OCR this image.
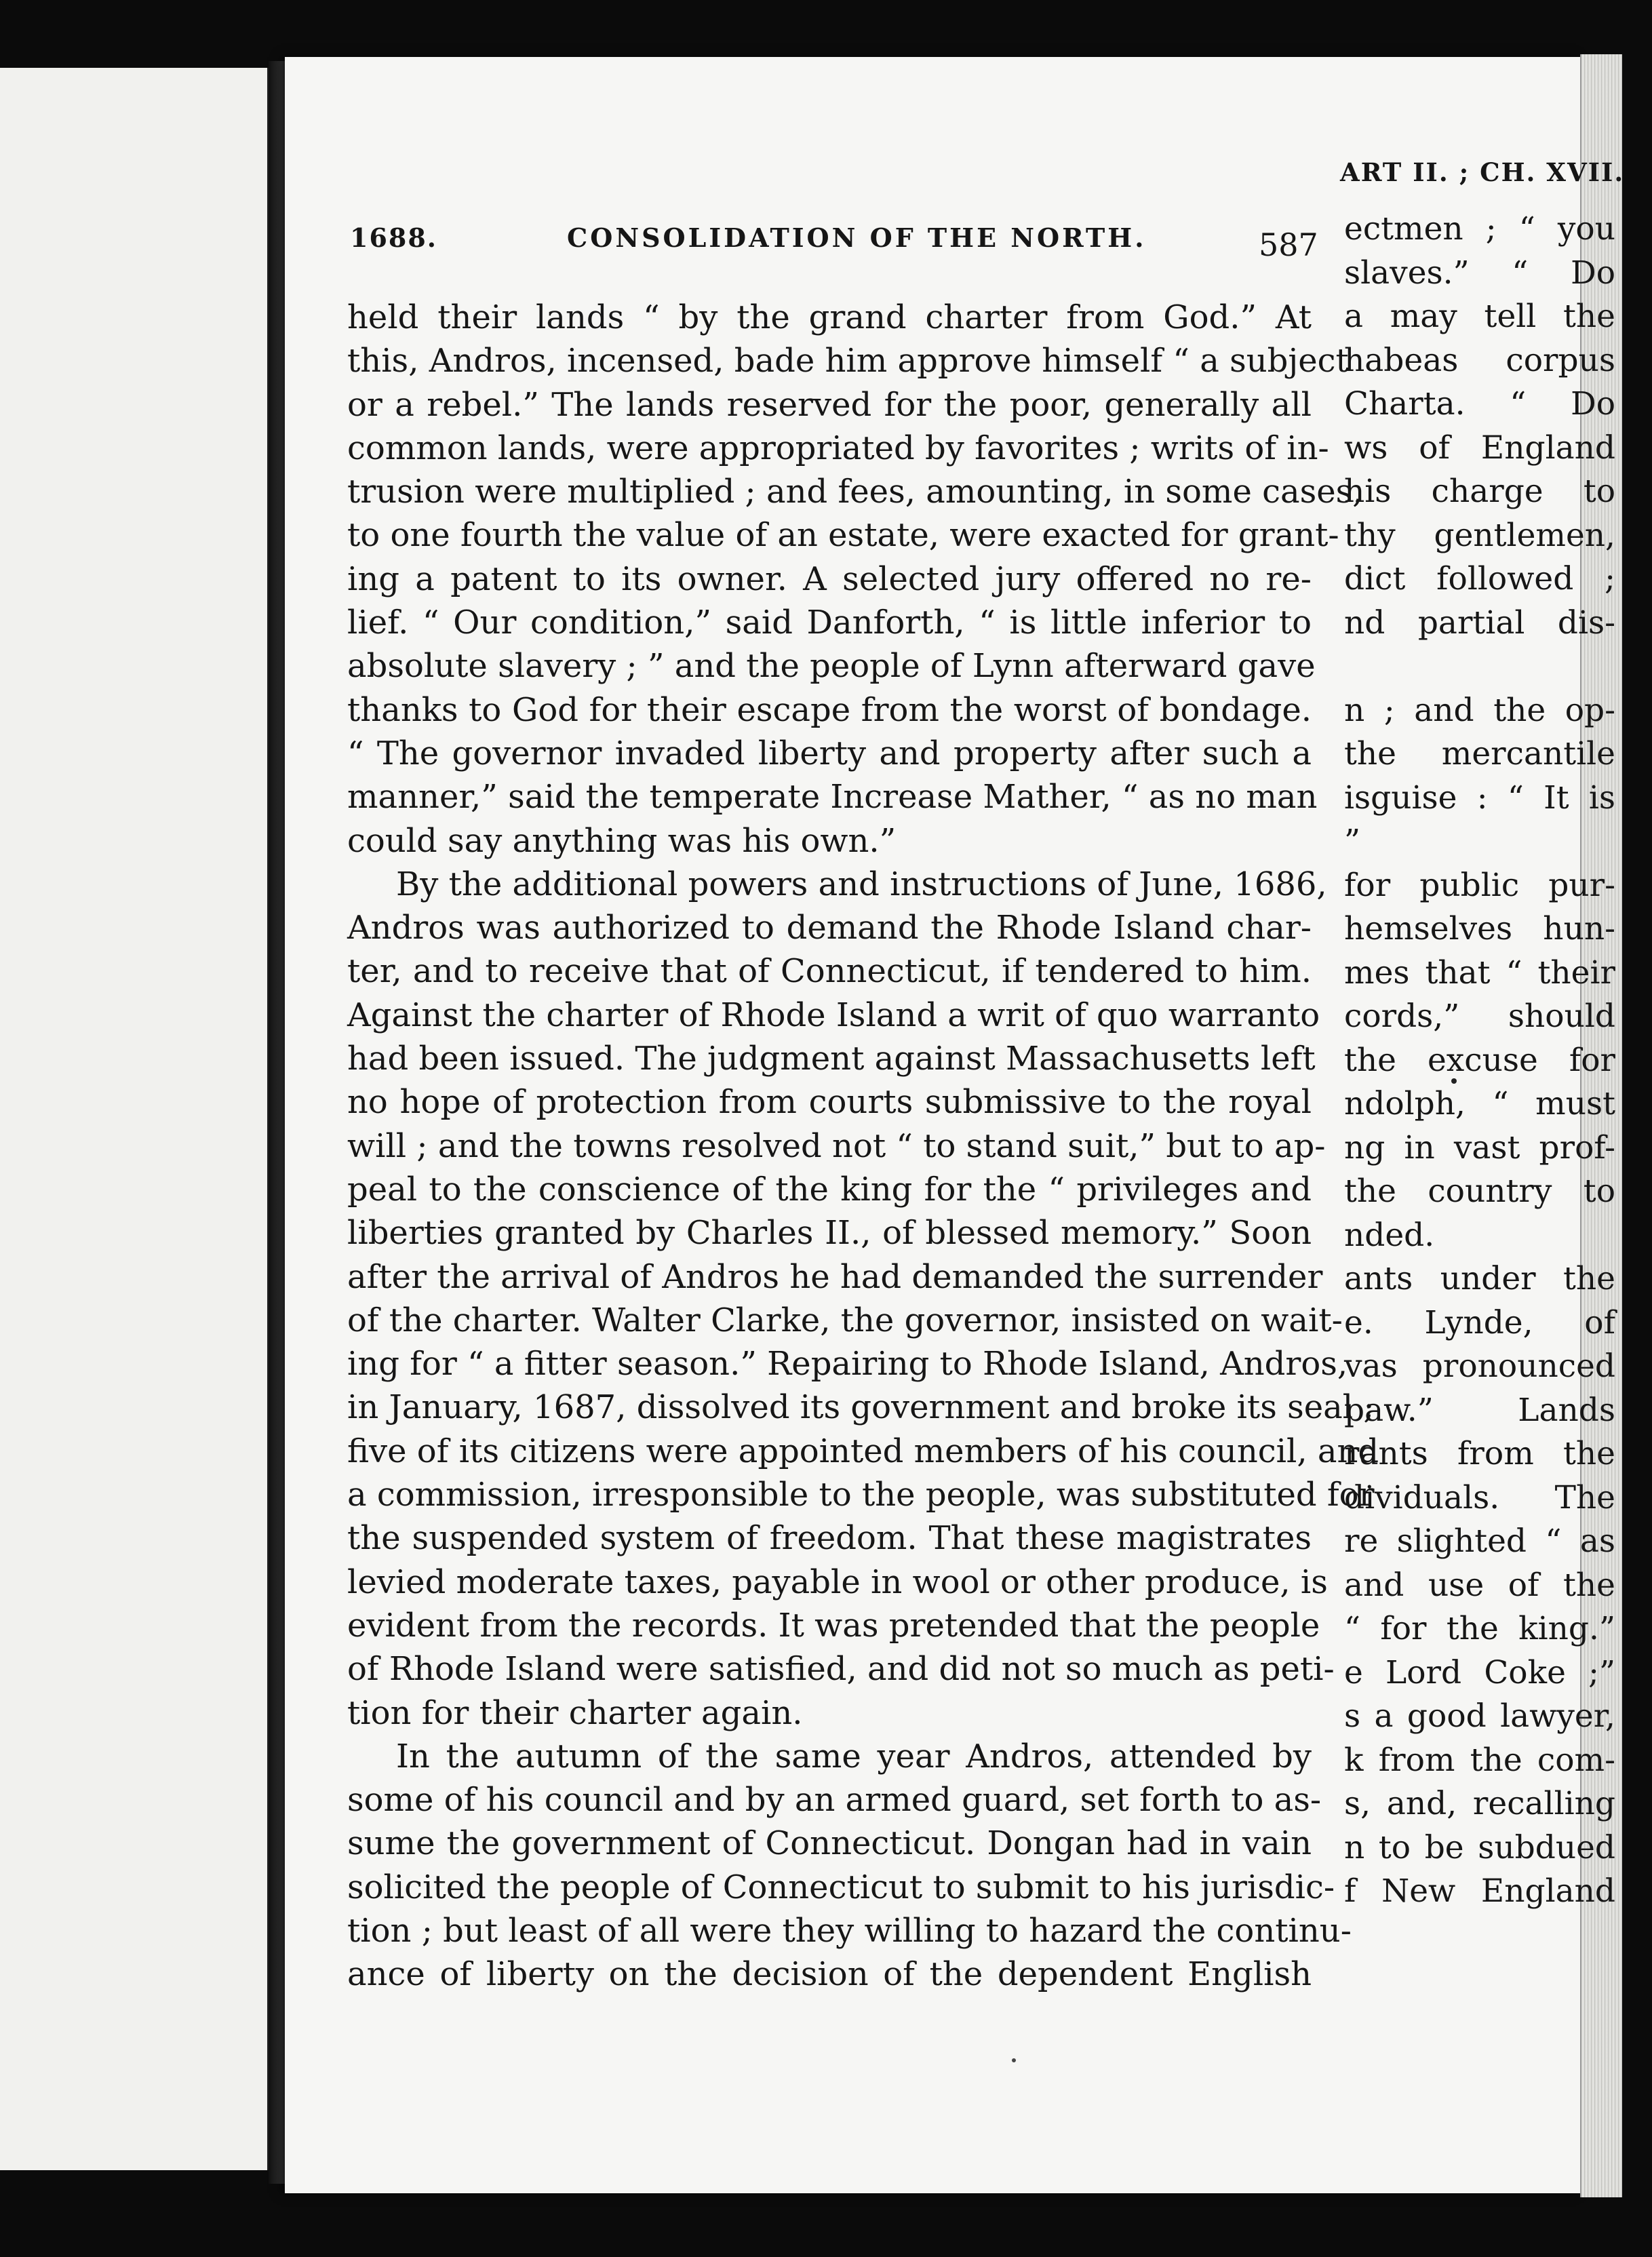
ART II. ; CH. XVII.
ectmen ; “ you
slaves.” “ Do
a may tell the
habeas corpus
Charta. “ Do
ws of England
his charge to
thy gentlemen,
dict followed ;
nd partial dis-
n ; and the op-
the mercantile
isguise : “ It is
”
for public pur-
hemselves hun-
mes that “ their
cords,” should
the excuse for
ndolph, “ must
ng in vast prof-
the country to
nded.
ants under the
e. Lynde, of
vas pronounced
paw.” Lands
rants from the
dividuals. The
re slighted “ as
and use of the
“ for the king.”
e Lord Coke ;”
s a good lawyer,
k from the com-
s, and, recalling
n to be subdued
f New England
1688.	CONSOLIDATION OF THE NORTH.	587
held their lands “ by the grand charter from God.” At
this, Andros, incensed, bade him approve himself “ a subject
or a rebel.” The lands reserved for the poor, generally all
common lands, were appropriated by favorites ; writs of in-
trusion were multiplied ; and fees, amounting, in some cases,
to one fourth the value of an estate, were exacted for grant-
ing a patent to its owner. A selected jury offered no re-
lief. “ Our condition,” said Danforth, “ is little inferior to
absolute slavery ; ” and the people of Lynn afterward gave
thanks to God for their escape from the worst of bondage.
“ The governor invaded liberty and property after such a
manner,” said the temperate Increase Mather, “ as no man
could say anything was his own.”
By the additional powers and instructions of June, 1686,
Andros was authorized to demand the Rhode Island char-
ter, and to receive that of Connecticut, if tendered to him.
Against the charter of Rhode Island a writ of quo warranto
had been issued. The judgment against Massachusetts left
no hope of protection from courts submissive to the royal
will ; and the towns resolved not “ to stand suit,” but to ap-
peal to the conscience of the king for the “ privileges and
liberties granted by Charles II., of blessed memory.” Soon
after the arrival of Andros he had demanded the surrender
of the charter. Walter Clarke, the governor, insisted on wait-
ing for “ a fitter season.” Repairing to Rhode Island, Andros,
in January, 1687, dissolved its government and broke its seal ;
five of its citizens were appointed members of his council, and
a commission, irresponsible to the people, was substituted for
the suspended system of freedom. That these magistrates
levied moderate taxes, payable in wool or other produce, is
evident from the records. It was pretended that the people
of Rhode Island were satisfied, and did not so much as peti-
tion for their charter again.
In the autumn of the same year Andros, attended by
some of his council and by an armed guard, set forth to as-
sume the government of Connecticut. Dongan had in vain
solicited the people of Connecticut to submit to his jurisdic-
tion ; but least of all were they willing to hazard the continu-
ance of liberty on the decision of the dependent English
